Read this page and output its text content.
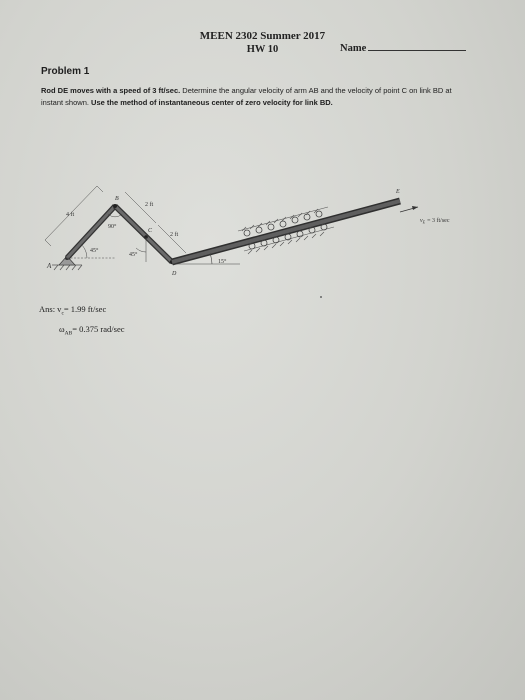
MEEN 2302 Summer 2017
HW 10	Name
Problem 1
Rod DE moves with a speed of 3 ft/sec. Determine the angular velocity of arm AB and the velocity of point C on link BD at instant shown. Use the method of instantaneous center of zero velocity for link BD.
A
B
C
D
E
4 ft
2 ft
2 ft
45°
90°
45°
15°
$v_E = 3$ ft/sec
Ans: $v_c= 1.99$ ft/sec
$\omega_{AB}= 0.375$ rad/sec
